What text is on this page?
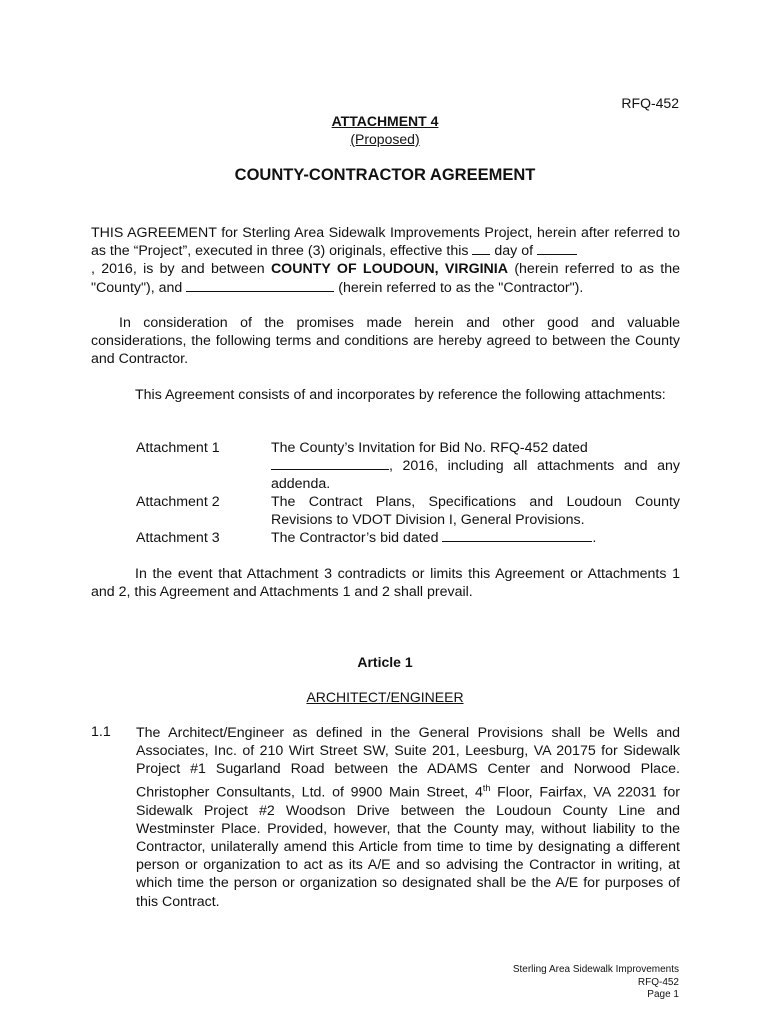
RFQ-452
ATTACHMENT 4
(Proposed)
COUNTY-CONTRACTOR AGREEMENT
THIS AGREEMENT for Sterling Area Sidewalk Improvements Project, herein after referred to as the “Project”, executed in three (3) originals, effective this day of
, 2016, is by and between COUNTY OF LOUDOUN, VIRGINIA (herein referred to as the "County"), and	(herein referred to as the "Contractor").
In consideration of the promises made herein and other good and valuable considerations, the following terms and conditions are hereby agreed to between the County and Contractor.
This Agreement consists of and incorporates by reference the following attachments:
Attachment 1	The County’s Invitation for Bid No. RFQ-452 dated
, 2016, including all attachments and any addenda.
Attachment 2	The Contract Plans, Specifications and Loudoun County Revisions to VDOT Division I, General Provisions.
Attachment 3	The Contractor’s bid dated	.
In the event that Attachment 3 contradicts or limits this Agreement or Attachments 1 and 2, this Agreement and Attachments 1 and 2 shall prevail.
Article 1
ARCHITECT/ENGINEER
1.1 The Architect/Engineer as defined in the General Provisions shall be Wells and Associates, Inc. of 210 Wirt Street SW, Suite 201, Leesburg, VA 20175 for Sidewalk Project #1 Sugarland Road between the ADAMS Center and Norwood Place. Christopher Consultants, Ltd. of 9900 Main Street, 4th Floor, Fairfax, VA 22031 for Sidewalk Project #2 Woodson Drive between the Loudoun County Line and Westminster Place. Provided, however, that the County may, without liability to the Contractor, unilaterally amend this Article from time to time by designating a different person or organization to act as its A/E and so advising the Contractor in writing, at which time the person or organization so designated shall be the A/E for purposes of this Contract.
Sterling Area Sidewalk Improvements
RFQ-452
Page 1
